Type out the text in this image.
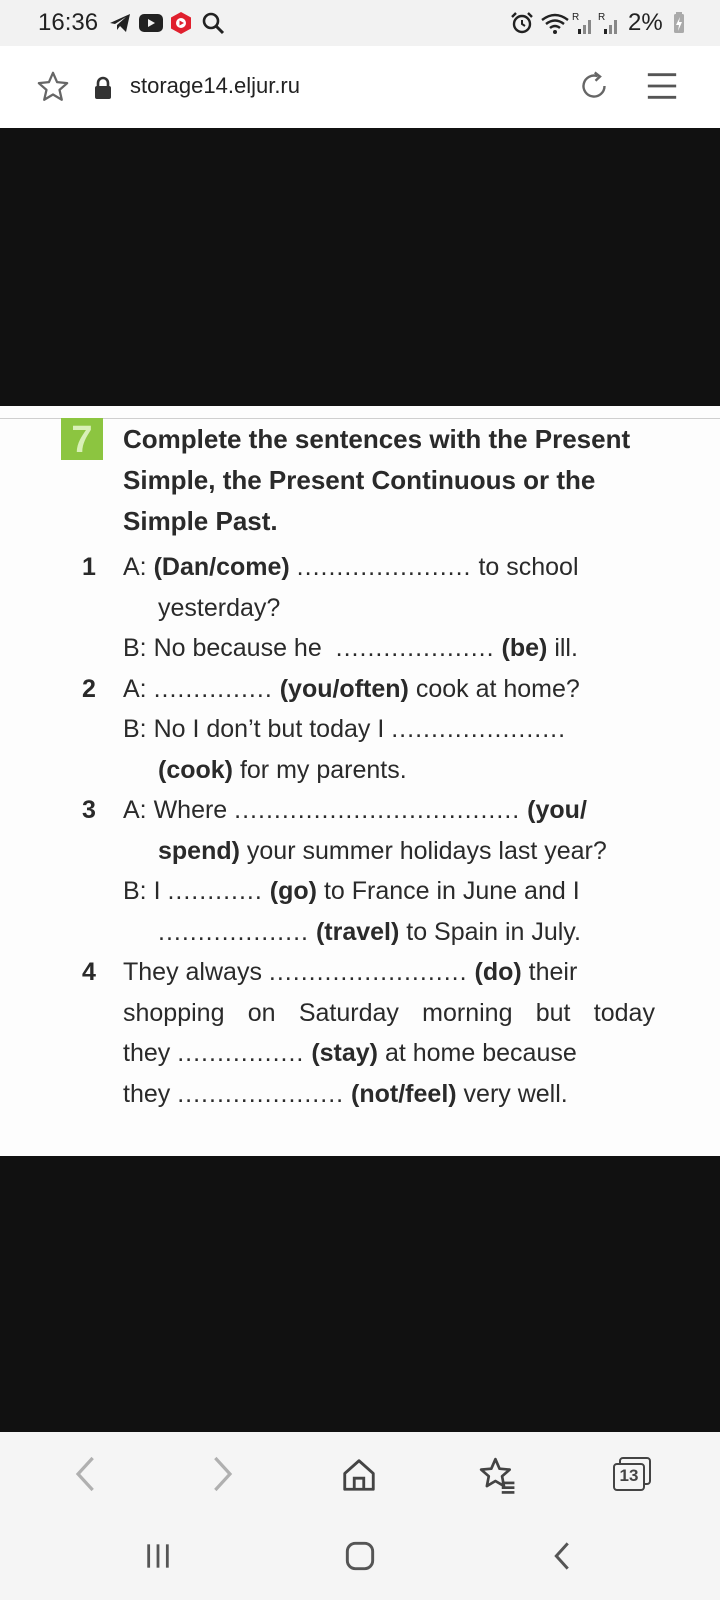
16:36	R R 2%
storage14.eljur.ru
7	Complete the sentences with the Present Simple, the Present Continuous or the Simple Past.
1 A: (Dan/come) ...................... to school
yesterday?
B: No because he .................... (be) ill.
2 A: ............... (you/often) cook at home?
B: No I don’t but today I ......................
(cook) for my parents.
3 A: Where .................................... (you/
spend) your summer holidays last year?
B: I ............ (go) to France in June and I
................... (travel) to Spain in July.
4 They always ......................... (do) their
shopping on Saturday morning but today
they ................ (stay) at home because
they ..................... (not/feel) very well.
13
